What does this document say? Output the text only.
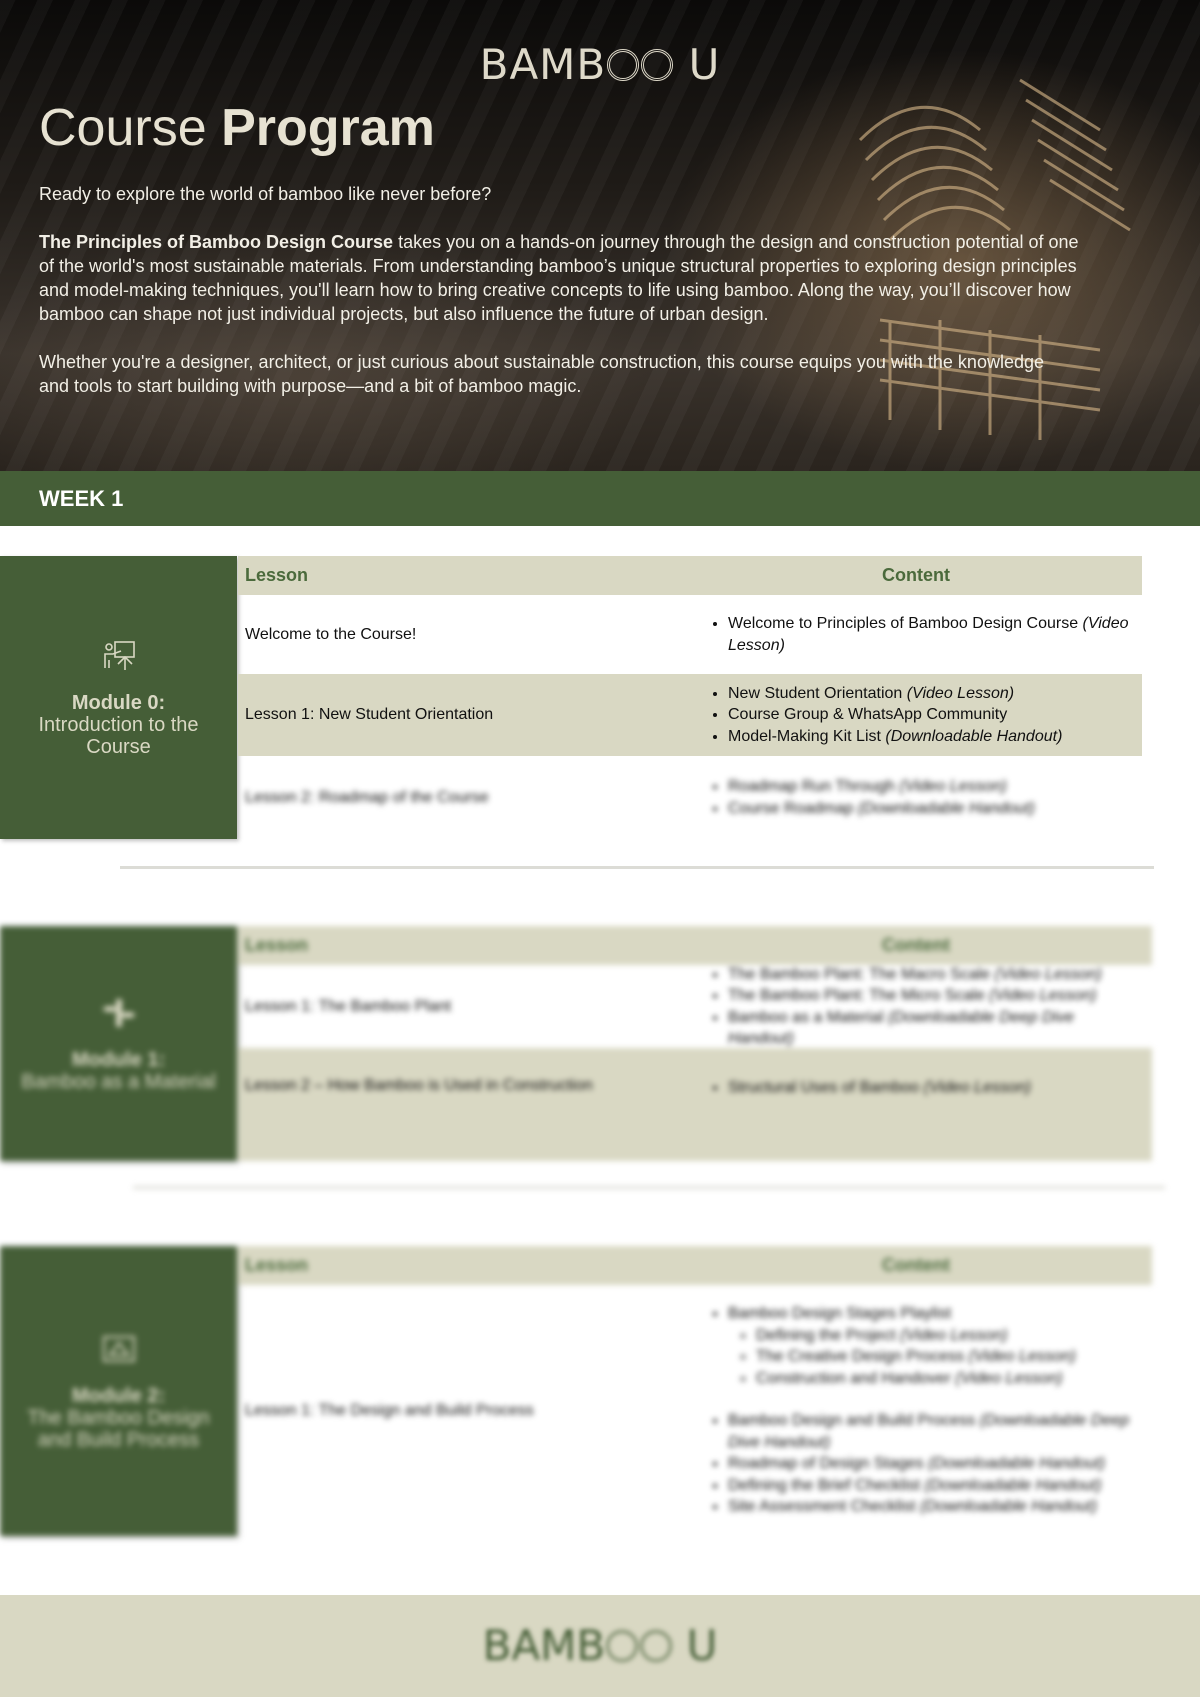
BAMB U
Course Program

Ready to explore the world of bamboo like never before?

The Principles of Bamboo Design Course takes you on a hands-on journey through the design and construction potential of one of the world's most sustainable materials. From understanding bamboo’s unique structural properties to exploring design principles and model-making techniques, you'll learn how to bring creative concepts to life using bamboo. Along the way, you’ll discover how bamboo can shape not just individual projects, but also influence the future of urban design.

Whether you're a designer, architect, or just curious about sustainable construction, this course equips you with the knowledge and tools to start building with purpose—and a bit of bamboo magic.

WEEK 1
Module 0:
Introduction to the Course
Lesson	Content
Welcome to the Course!
• Welcome to Principles of Bamboo Design Course (Video Lesson)
Lesson 1: New Student Orientation
• New Student Orientation (Video Lesson)
• Course Group & WhatsApp Community
• Model-Making Kit List (Downloadable Handout)
Lesson 2: Roadmap of the Course
• Roadmap Run Through (Video Lesson)
• Course Roadmap (Downloadable Handout)
Module 1:
Bamboo as a Material
Lesson	Content
Lesson 1: The Bamboo Plant
• The Bamboo Plant: The Macro Scale (Video Lesson)
• The Bamboo Plant: The Micro Scale (Video Lesson)
• Bamboo as a Material (Downloadable Deep Dive Handout)
Lesson 2 – How Bamboo is Used in Construction
•	Structural Uses of Bamboo (Video Lesson)
Module 2:
The Bamboo Design and Build Process
Lesson	Content
Lesson 1: The Design and Build Process
• Bamboo Design Stages Playlist
◦ Defining the Project (Video Lesson)
◦ The Creative Design Process (Video Lesson)
◦ Construction and Handover (Video Lesson)
• Bamboo Design and Build Process (Downloadable Deep Dive Handout)
• Roadmap of Design Stages (Downloadable Handout)
• Defining the Brief Checklist (Downloadable Handout)
• Site Assessment Checklist (Downloadable Handout)
BAMB U
